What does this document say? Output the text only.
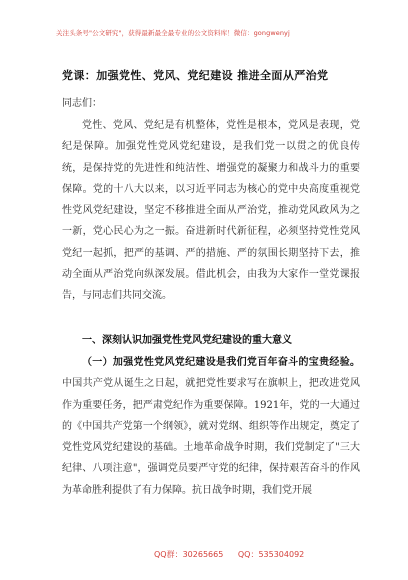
关注头条号"公文研究"，获得最新最全最专业的公文资料库！微信：gongwenyj
党课：加强党性、党风、党纪建设 推进全面从严治党
同志们：

党性、党风、党纪是有机整体，党性是根本，党风是表现，党纪是保障。加强党性党风党纪建设，是我们党一以贯之的优良传统，是保持党的先进性和纯洁性、增强党的凝聚力和战斗力的重要保障。党的十八大以来，以习近平同志为核心的党中央高度重视党性党风党纪建设，坚定不移推进全面从严治党，推动党风政风为之一新，党心民心为之一振。奋进新时代新征程，必须坚持党性党风党纪一起抓，把严的基调、严的措施、严的氛围长期坚持下去，推动全面从严治党向纵深发展。借此机会，由我为大家作一堂党课报告，与同志们共同交流。

一、深刻认识加强党性党风党纪建设的重大意义

（一）加强党性党风党纪建设是我们党百年奋斗的宝贵经验。中国共产党从诞生之日起，就把党性要求写在旗帜上，把改进党风作为重要任务，把严肃党纪作为重要保障。1921年，党的一大通过的《中国共产党第一个纲领》，就对党纲、组织等作出规定，奠定了党性党风党纪建设的基础。土地革命战争时期，我们党制定了"三大纪律、八项注意"，强调党员要严守党的纪律，保持艰苦奋斗的作风为革命胜利提供了有力保障。抗日战争时期，我们党开展

QQ群：30265665 QQ：535304092
